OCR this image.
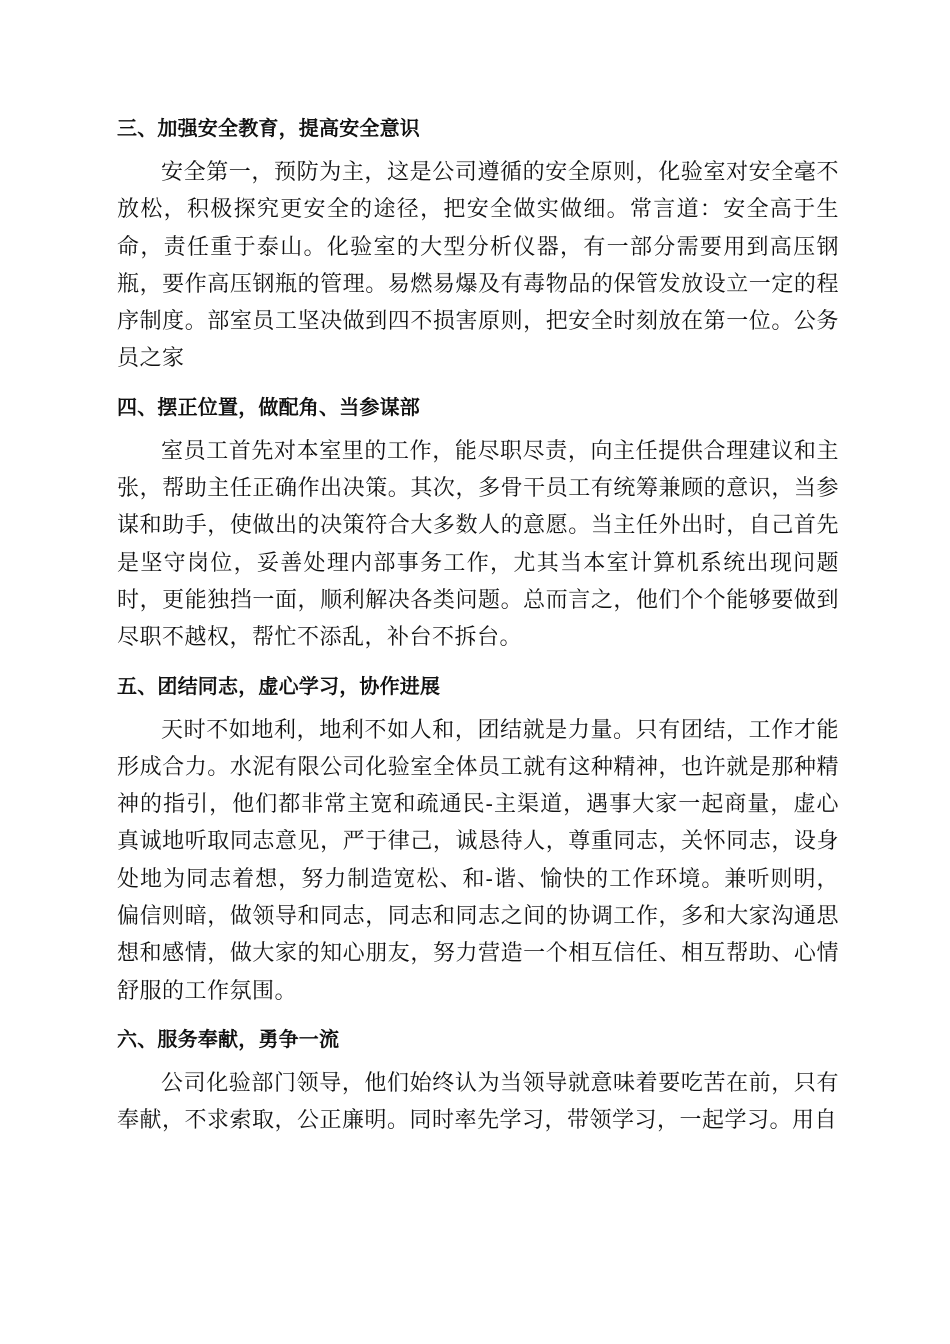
三、加强安全教育，提高安全意识

安全第一，预防为主，这是公司遵循的安全原则，化验室对安全毫不放松，积极探究更安全的途径，把安全做实做细。常言道：安全高于生命，责任重于泰山。化验室的大型分析仪器，有一部分需要用到高压钢瓶，要作高压钢瓶的管理。易燃易爆及有毒物品的保管发放设立一定的程序制度。部室员工坚决做到四不损害原则，把安全时刻放在第一位。公务员之家

四、摆正位置，做配角、当参谋部

室员工首先对本室里的工作，能尽职尽责，向主任提供合理建议和主张，帮助主任正确作出决策。其次，多骨干员工有统筹兼顾的意识，当参谋和助手，使做出的决策符合大多数人的意愿。当主任外出时，自己首先是坚守岗位，妥善处理内部事务工作，尤其当本室计算机系统出现问题时，更能独挡一面，顺利解决各类问题。总而言之，他们个个能够要做到尽职不越权，帮忙不添乱，补台不拆台。

五、团结同志，虚心学习，协作进展

天时不如地利，地利不如人和，团结就是力量。只有团结，工作才能形成合力。水泥有限公司化验室全体员工就有这种精神，也许就是那种精神的指引，他们都非常主宽和疏通民-主渠道，遇事大家一起商量，虚心真诚地听取同志意见，严于律己，诚恳待人，尊重同志，关怀同志，设身处地为同志着想，努力制造宽松、和-谐、愉快的工作环境。兼听则明，偏信则暗，做领导和同志，同志和同志之间的协调工作，多和大家沟通思想和感情，做大家的知心朋友，努力营造一个相互信任、相互帮助、心情舒服的工作氛围。

六、服务奉献，勇争一流

公司化验部门领导，他们始终认为当领导就意味着要吃苦在前，只有奉献，不求索取，公正廉明。同时率先学习，带领学习，一起学习。用自
